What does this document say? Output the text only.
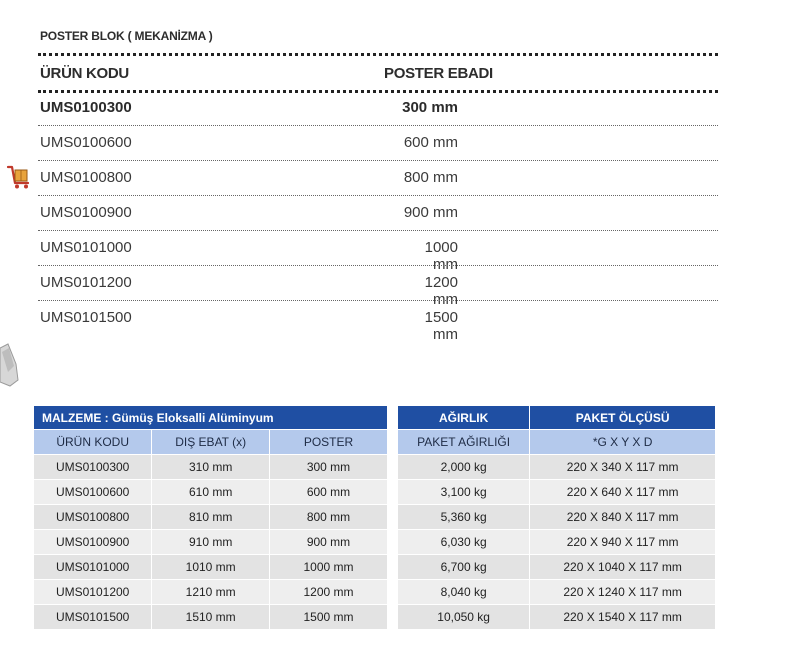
POSTER BLOK ( MEKANİZMA )
ÜRÜN KODU	POSTER EBADI
UMS0100300	300 mm
UMS0100600	600 mm
UMS0100800	800 mm
UMS0100900	900 mm
UMS0101000	1000 mm
UMS0101200	1200 mm
UMS0101500	1500 mm
MALZEME : Gümüş Eloksalli Alüminyum		
ÜRÜN KODU	DIŞ EBAT (x)	POSTER
UMS0100300	310 mm	300 mm
UMS0100600	610 mm	600 mm
UMS0100800	810 mm	800 mm
UMS0100900	910 mm	900 mm
UMS0101000	1010 mm	1000 mm
UMS0101200	1210 mm	1200 mm
UMS0101500	1510 mm	1500 mm
AĞIRLIK	PAKET ÖLÇÜSÜ
PAKET AĞIRLIĞI	*G X Y X D
2,000 kg	220 X 340 X 117 mm
3,100 kg	220 X 640 X 117 mm
5,360 kg	220 X 840 X 117 mm
6,030 kg	220 X 940 X 117 mm
6,700 kg	220 X 1040 X 117 mm
8,040 kg	220 X 1240 X 117 mm
10,050 kg	220 X 1540 X 117 mm
